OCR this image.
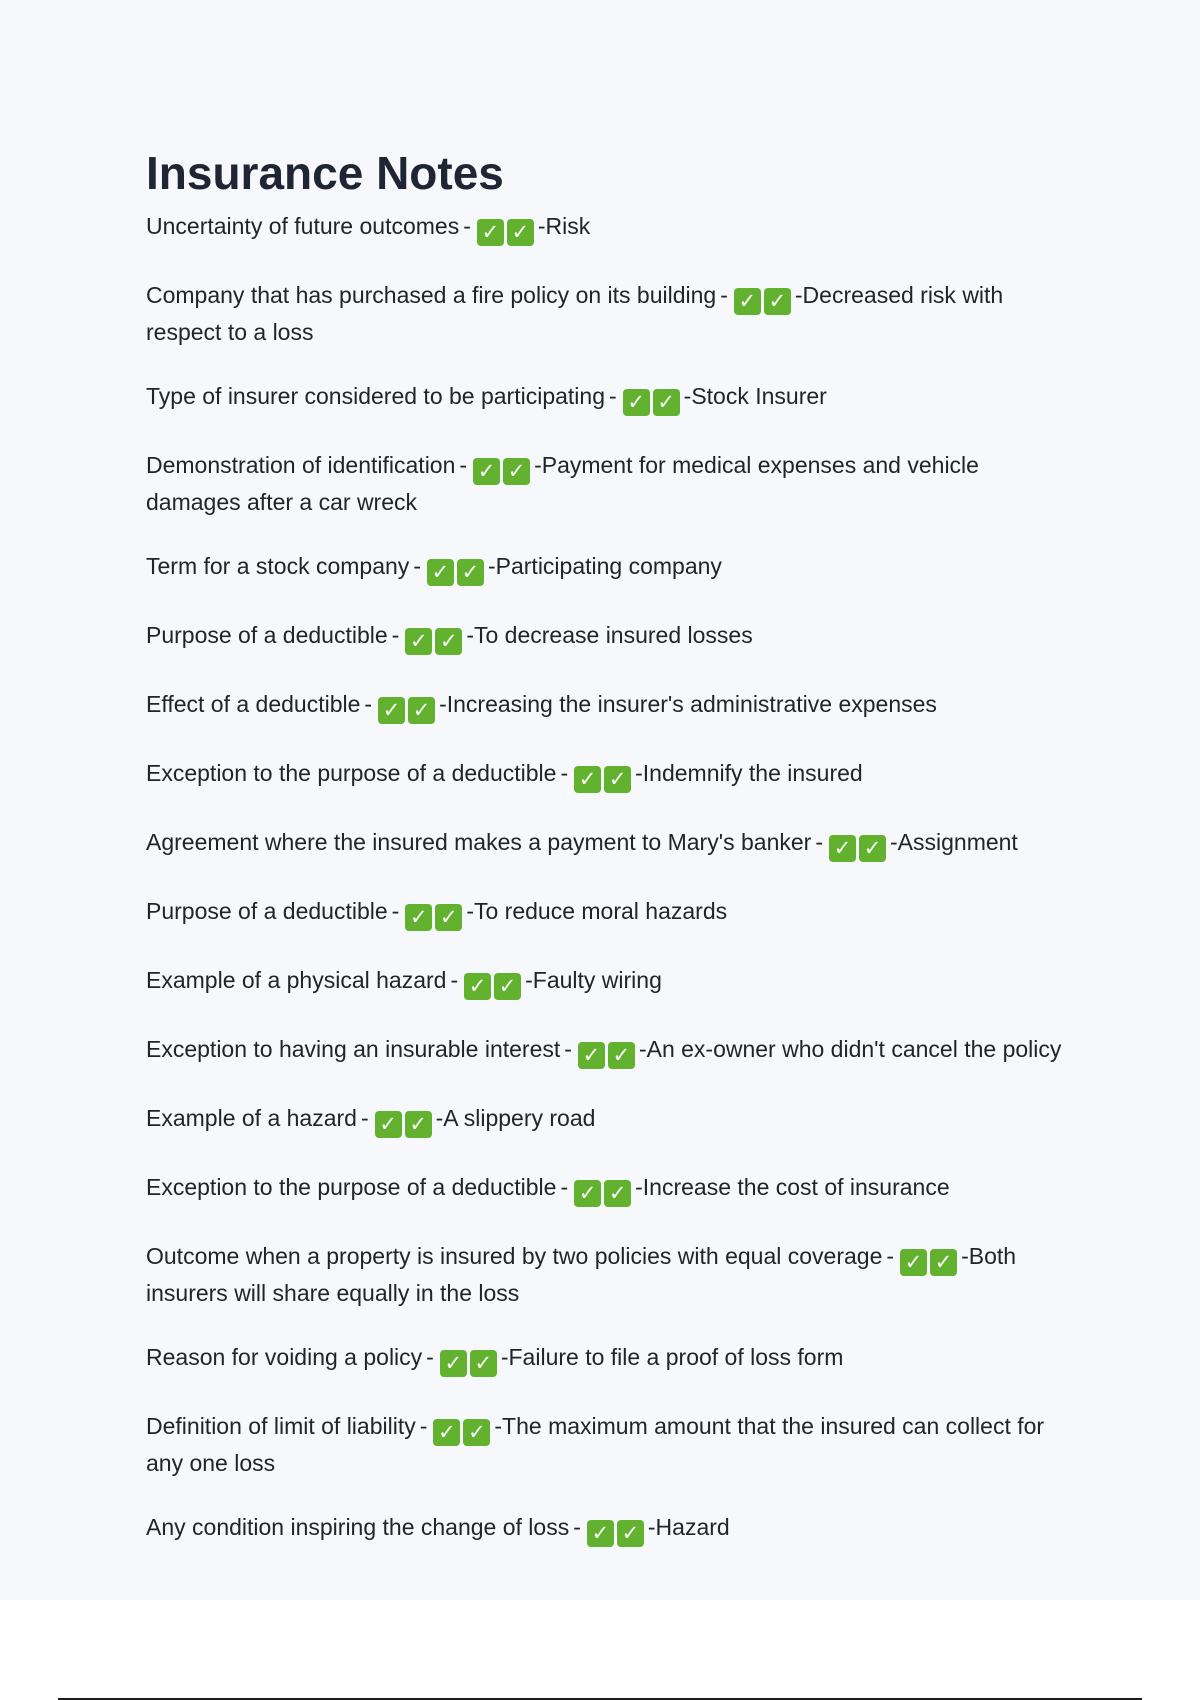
Insurance Notes

Uncertainty of future outcomes - ✓ ✓ -Risk

Company that has purchased a fire policy on its building - ✓ ✓ -Decreased risk with respect to a loss

Type of insurer considered to be participating - ✓ ✓ -Stock Insurer

Demonstration of identification - ✓ ✓ -Payment for medical expenses and vehicle damages after a car wreck

Term for a stock company - ✓ ✓ -Participating company

Purpose of a deductible - ✓ ✓ -To decrease insured losses

Effect of a deductible - ✓ ✓ -Increasing the insurer's administrative expenses

Exception to the purpose of a deductible - ✓ ✓ -Indemnify the insured

Agreement where the insured makes a payment to Mary's banker - ✓ ✓ -Assignment

Purpose of a deductible - ✓ ✓ -To reduce moral hazards

Example of a physical hazard - ✓ ✓ -Faulty wiring

Exception to having an insurable interest - ✓ ✓ -An ex-owner who didn't cancel the policy

Example of a hazard - ✓ ✓ -A slippery road

Exception to the purpose of a deductible - ✓ ✓ -Increase the cost of insurance

Outcome when a property is insured by two policies with equal coverage - ✓ ✓ -Both insurers will share equally in the loss

Reason for voiding a policy - ✓ ✓ -Failure to file a proof of loss form

Definition of limit of liability - ✓ ✓ -The maximum amount that the insured can collect for any one loss

Any condition inspiring the change of loss - ✓ ✓ -Hazard
